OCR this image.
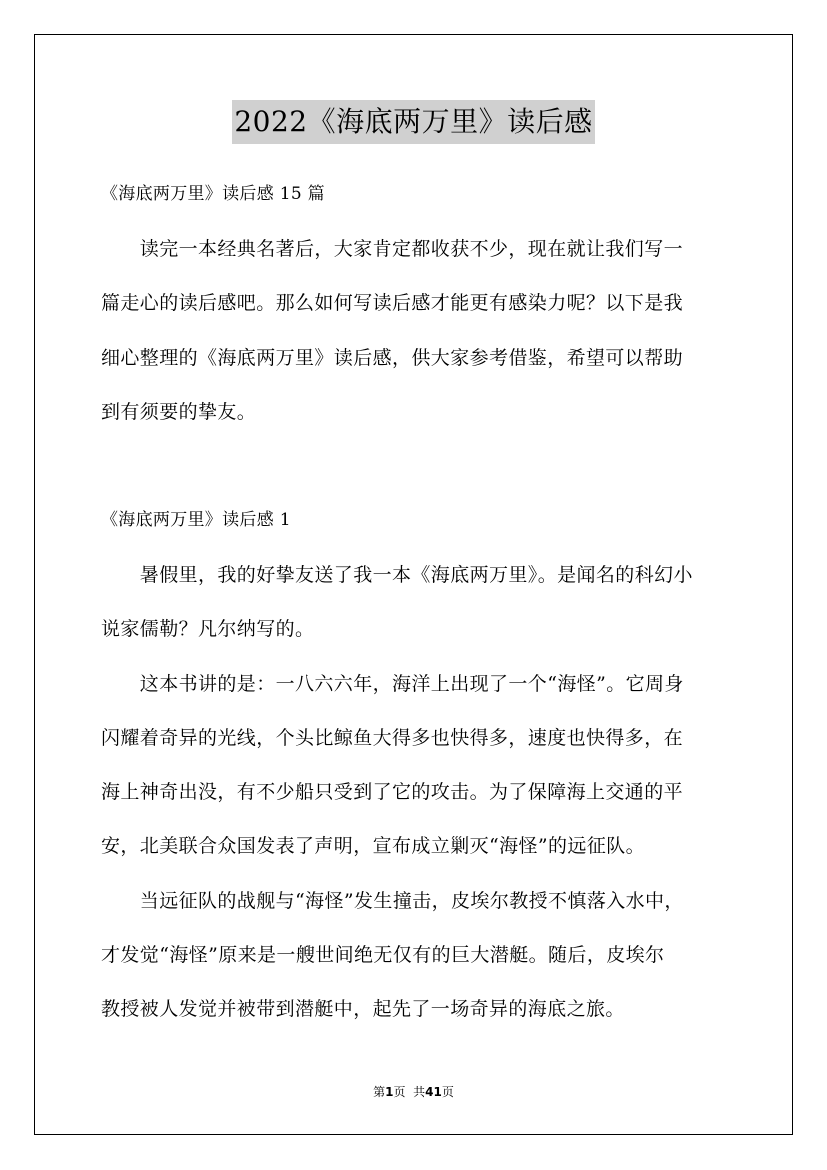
2022《海底两万里》读后感
《海底两万里》读后感 15 篇
　　读完一本经典名著后，大家肯定都收获不少，现在就让我们写一
篇走心的读后感吧。那么如何写读后感才能更有感染力呢？以下是我
细心整理的《海底两万里》读后感，供大家参考借鉴，希望可以帮助
到有须要的挚友。
《海底两万里》读后感 1
　　暑假里，我的好挚友送了我一本《海底两万里》。是闻名的科幻小
说家儒勒？凡尔纳写的。
　　这本书讲的是：一八六六年，海洋上出现了一个“海怪”。它周身
闪耀着奇异的光线，个头比鲸鱼大得多也快得多，速度也快得多，在
海上神奇出没，有不少船只受到了它的攻击。为了保障海上交通的平
安，北美联合众国发表了声明，宣布成立剿灭“海怪”的远征队。
　　当远征队的战舰与“海怪”发生撞击，皮埃尔教授不慎落入水中，
才发觉“海怪”原来是一艘世间绝无仅有的巨大潜艇。随后，皮埃尔
教授被人发觉并被带到潜艇中，起先了一场奇异的海底之旅。
第1页 共41页
